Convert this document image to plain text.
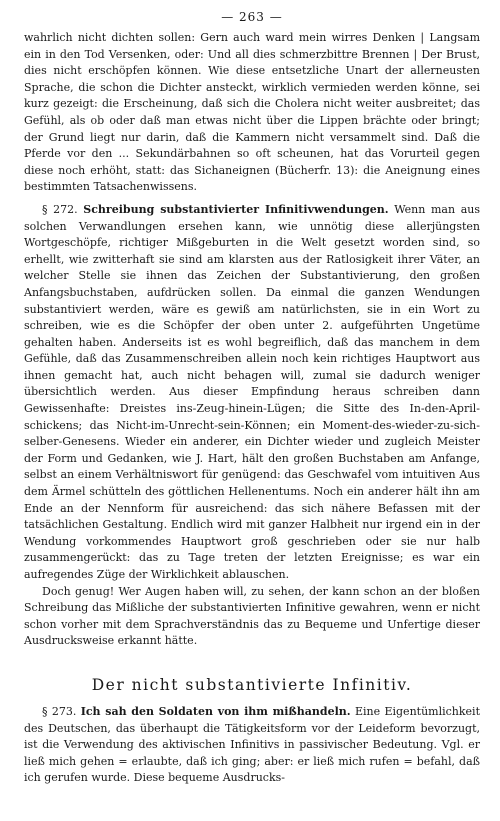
— 263 —

wahrlich nicht dichten sollen: Gern auch ward mein wirres Denken | Langsam ein in den Tod Versenken, oder: Und all dies schmerzbittre Brennen | Der Brust, dies nicht erschöpfen können. Wie diese entsetzliche Unart der allerneusten Sprache, die schon die Dichter ansteckt, wirklich vermieden werden könne, sei kurz gezeigt: die Erscheinung, daß sich die Cholera nicht weiter ausbreitet; das Gefühl, als ob oder daß man etwas nicht über die Lippen brächte oder bringt; der Grund liegt nur darin, daß die Kammern nicht versammelt sind. Daß die Pferde vor den ... Sekundärbahnen so oft scheunen, hat das Vorurteil gegen diese noch erhöht, statt: das Sichaneignen (Bücherfr. 13): die Aneignung eines bestimmten Tatsachenwissens.

§ 272. Schreibung substantivierter Infinitivwendungen. Wenn man aus solchen Verwandlungen ersehen kann, wie unnötig diese allerjüngsten Wortgeschöpfe, richtiger Mißgeburten in die Welt gesetzt worden sind, so erhellt, wie zwitterhaft sie sind am klarsten aus der Ratlosigkeit ihrer Väter, an welcher Stelle sie ihnen das Zeichen der Substantivierung, den großen Anfangsbuchstaben, aufdrücken sollen. Da einmal die ganzen Wendungen substantiviert werden, wäre es gewiß am natürlichsten, sie in ein Wort zu schreiben, wie es die Schöpfer der oben unter 2. aufgeführten Ungetüme gehalten haben. Anderseits ist es wohl begreiflich, daß das manchem in dem Gefühle, daß das Zusammenschreiben allein noch kein richtiges Hauptwort aus ihnen gemacht hat, auch nicht behagen will, zumal sie dadurch weniger übersichtlich werden. Aus dieser Empfindung heraus schreiben dann Gewissenhafte: Dreistes ins-Zeug-hinein-Lügen; die Sitte des In-den-April-schickens; das Nicht-im-Unrecht-sein-Können; ein Moment-des-wieder-zu-sich-selber-Genesens. Wieder ein anderer, ein Dichter wieder und zugleich Meister der Form und Gedanken, wie J. Hart, hält den großen Buchstaben am Anfange, selbst an einem Verhältniswort für genügend: das Geschwafel vom intuitiven Aus dem Ärmel schütteln des göttlichen Hellenentums. Noch ein anderer hält ihn am Ende an der Nennform für ausreichend: das sich nähere Befassen mit der tatsächlichen Gestaltung. Endlich wird mit ganzer Halbheit nur irgend ein in der Wendung vorkommendes Hauptwort groß geschrieben oder sie nur halb zusammengerückt: das zu Tage treten der letzten Ereignisse; es war ein aufregendes Züge der Wirklichkeit ablauschen.

Doch genug! Wer Augen haben will, zu sehen, der kann schon an der bloßen Schreibung das Mißliche der substantivierten Infinitive gewahren, wenn er nicht schon vorher mit dem Sprachverständnis das zu Bequeme und Unfertige dieser Ausdrucksweise erkannt hätte.

Der nicht substantivierte Infinitiv.

§ 273. Ich sah den Soldaten von ihm mißhandeln. Eine Eigentümlichkeit des Deutschen, das überhaupt die Tätigkeitsform vor der Leideform bevorzugt, ist die Verwendung des aktivischen Infinitivs in passivischer Bedeutung. Vgl. er ließ mich gehen = erlaubte, daß ich ging; aber: er ließ mich rufen = befahl, daß ich gerufen wurde. Diese bequeme Ausdrucks-
